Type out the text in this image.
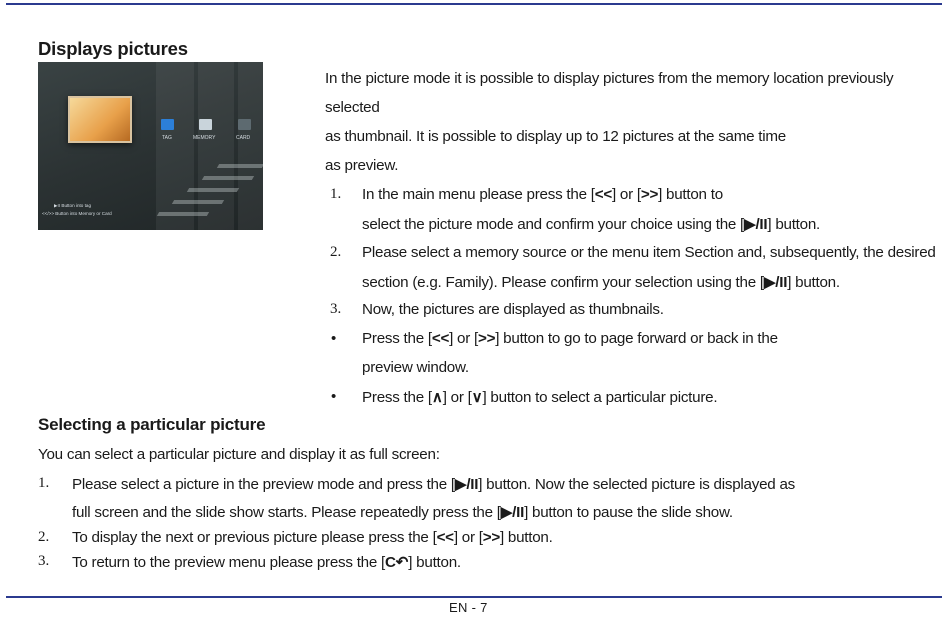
Displays pictures
TAG	MEMORY	CARD
▶II Button into tag
<</>> Button into Memory or Card
In the picture mode it is possible to display pictures from the memory location previously
selected
as thumbnail. It is possible to display up to 12 pictures at the same time
as preview.
1. In the main menu please press the [<<] or [>>] button to
select the picture mode and confirm your choice using the [▶/II] button.
2. Please select a memory source or the menu item Section and, subsequently, the desired
section (e.g. Family). Please confirm your selection using the [▶/II] button.
3. Now, the pictures are displayed as thumbnails.
• Press the [<<] or [>>] button to go to page forward or back in the
preview window.
• Press the [∧] or [∨] button to select a particular picture.
Selecting a particular picture
You can select a particular picture and display it as full screen:
1. Please select a picture in the preview mode and press the [▶/II] button. Now the selected picture is displayed as
full screen and the slide show starts. Please repeatedly press the [▶/II] button to pause the slide show.
2. To display the next or previous picture please press the [<<] or [>>] button.
3. To return to the preview menu please press the [C↶] button.
EN - 7
